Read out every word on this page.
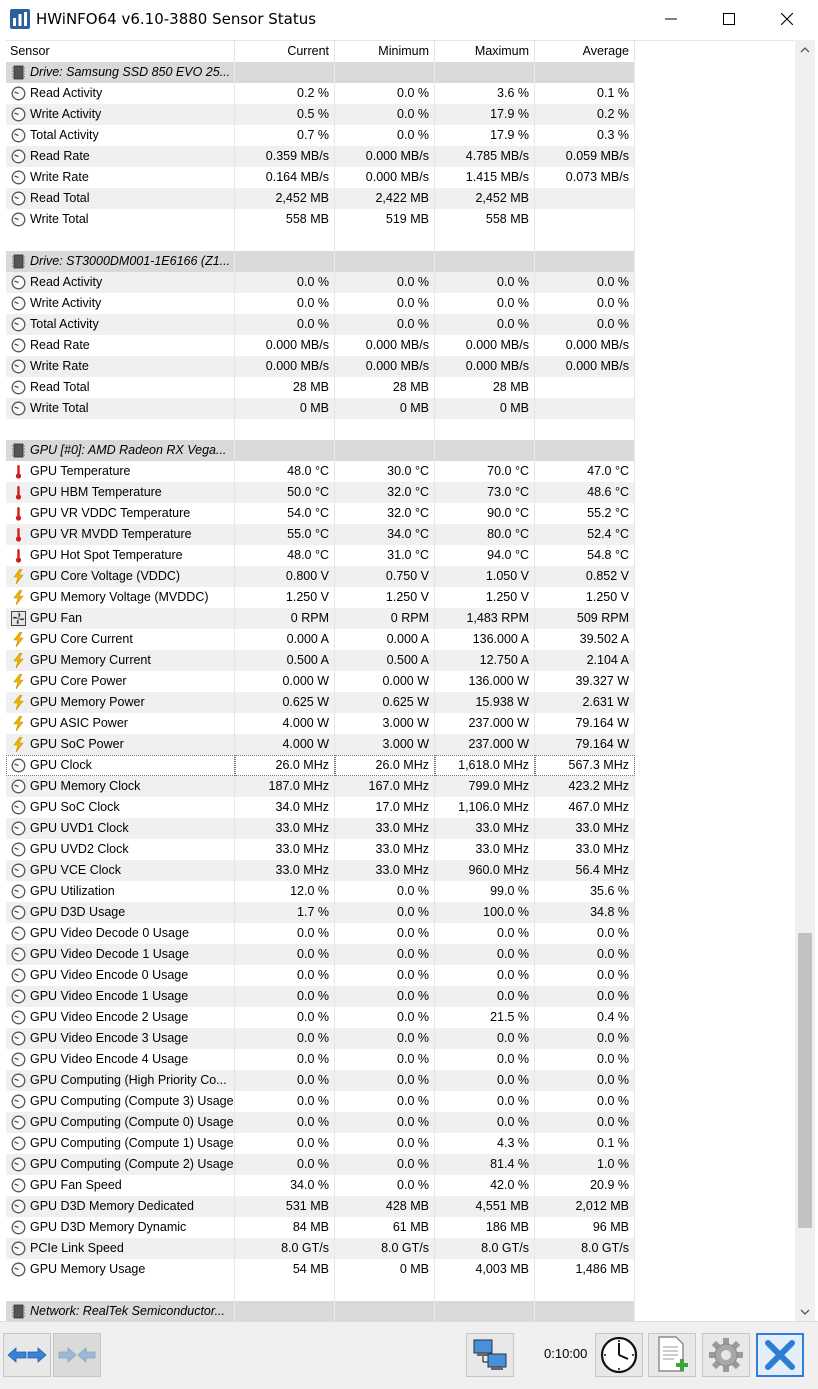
HWiNFO64 v6.10-3880 Sensor Status
Sensor	Current	Minimum	Maximum	Average
Drive: Samsung SSD 850 EVO 25...
Read Activity	0.2 %	0.0 %	3.6 %	0.1 %
Write Activity	0.5 %	0.0 %	17.9 %	0.2 %
Total Activity	0.7 %	0.0 %	17.9 %	0.3 %
Read Rate	0.359 MB/s	0.000 MB/s	4.785 MB/s	0.059 MB/s
Write Rate	0.164 MB/s	0.000 MB/s	1.415 MB/s	0.073 MB/s
Read Total	2,452 MB	2,422 MB	2,452 MB
Write Total	558 MB	519 MB	558 MB
Drive: ST3000DM001-1E6166 (Z1...
Read Activity	0.0 %	0.0 %	0.0 %	0.0 %
Write Activity	0.0 %	0.0 %	0.0 %	0.0 %
Total Activity	0.0 %	0.0 %	0.0 %	0.0 %
Read Rate	0.000 MB/s	0.000 MB/s	0.000 MB/s	0.000 MB/s
Write Rate	0.000 MB/s	0.000 MB/s	0.000 MB/s	0.000 MB/s
Read Total	28 MB	28 MB	28 MB
Write Total	0 MB	0 MB	0 MB
GPU [#0]: AMD Radeon RX Vega...
GPU Temperature	48.0 °C	30.0 °C	70.0 °C	47.0 °C
GPU HBM Temperature	50.0 °C	32.0 °C	73.0 °C	48.6 °C
GPU VR VDDC Temperature	54.0 °C	32.0 °C	90.0 °C	55.2 °C
GPU VR MVDD Temperature	55.0 °C	34.0 °C	80.0 °C	52.4 °C
GPU Hot Spot Temperature	48.0 °C	31.0 °C	94.0 °C	54.8 °C
GPU Core Voltage (VDDC)	0.800 V	0.750 V	1.050 V	0.852 V
GPU Memory Voltage (MVDDC)	1.250 V	1.250 V	1.250 V	1.250 V
GPU Fan	0 RPM	0 RPM	1,483 RPM	509 RPM
GPU Core Current	0.000 A	0.000 A	136.000 A	39.502 A
GPU Memory Current	0.500 A	0.500 A	12.750 A	2.104 A
GPU Core Power	0.000 W	0.000 W	136.000 W	39.327 W
GPU Memory Power	0.625 W	0.625 W	15.938 W	2.631 W
GPU ASIC Power	4.000 W	3.000 W	237.000 W	79.164 W
GPU SoC Power	4.000 W	3.000 W	237.000 W	79.164 W
GPU Clock	26.0 MHz	26.0 MHz	1,618.0 MHz	567.3 MHz
GPU Memory Clock	187.0 MHz	167.0 MHz	799.0 MHz	423.2 MHz
GPU SoC Clock	34.0 MHz	17.0 MHz	1,106.0 MHz	467.0 MHz
GPU UVD1 Clock	33.0 MHz	33.0 MHz	33.0 MHz	33.0 MHz
GPU UVD2 Clock	33.0 MHz	33.0 MHz	33.0 MHz	33.0 MHz
GPU VCE Clock	33.0 MHz	33.0 MHz	960.0 MHz	56.4 MHz
GPU Utilization	12.0 %	0.0 %	99.0 %	35.6 %
GPU D3D Usage	1.7 %	0.0 %	100.0 %	34.8 %
GPU Video Decode 0 Usage	0.0 %	0.0 %	0.0 %	0.0 %
GPU Video Decode 1 Usage	0.0 %	0.0 %	0.0 %	0.0 %
GPU Video Encode 0 Usage	0.0 %	0.0 %	0.0 %	0.0 %
GPU Video Encode 1 Usage	0.0 %	0.0 %	0.0 %	0.0 %
GPU Video Encode 2 Usage	0.0 %	0.0 %	21.5 %	0.4 %
GPU Video Encode 3 Usage	0.0 %	0.0 %	0.0 %	0.0 %
GPU Video Encode 4 Usage	0.0 %	0.0 %	0.0 %	0.0 %
GPU Computing (High Priority Co...	0.0 %	0.0 %	0.0 %	0.0 %
GPU Computing (Compute 3) Usage	0.0 %	0.0 %	0.0 %	0.0 %
GPU Computing (Compute 0) Usage	0.0 %	0.0 %	0.0 %	0.0 %
GPU Computing (Compute 1) Usage	0.0 %	0.0 %	4.3 %	0.1 %
GPU Computing (Compute 2) Usage	0.0 %	0.0 %	81.4 %	1.0 %
GPU Fan Speed	34.0 %	0.0 %	42.0 %	20.9 %
GPU D3D Memory Dedicated	531 MB	428 MB	4,551 MB	2,012 MB
GPU D3D Memory Dynamic	84 MB	61 MB	186 MB	96 MB
PCIe Link Speed	8.0 GT/s	8.0 GT/s	8.0 GT/s	8.0 GT/s
GPU Memory Usage	54 MB	0 MB	4,003 MB	1,486 MB
Network: RealTek Semiconductor...
0:10:00
